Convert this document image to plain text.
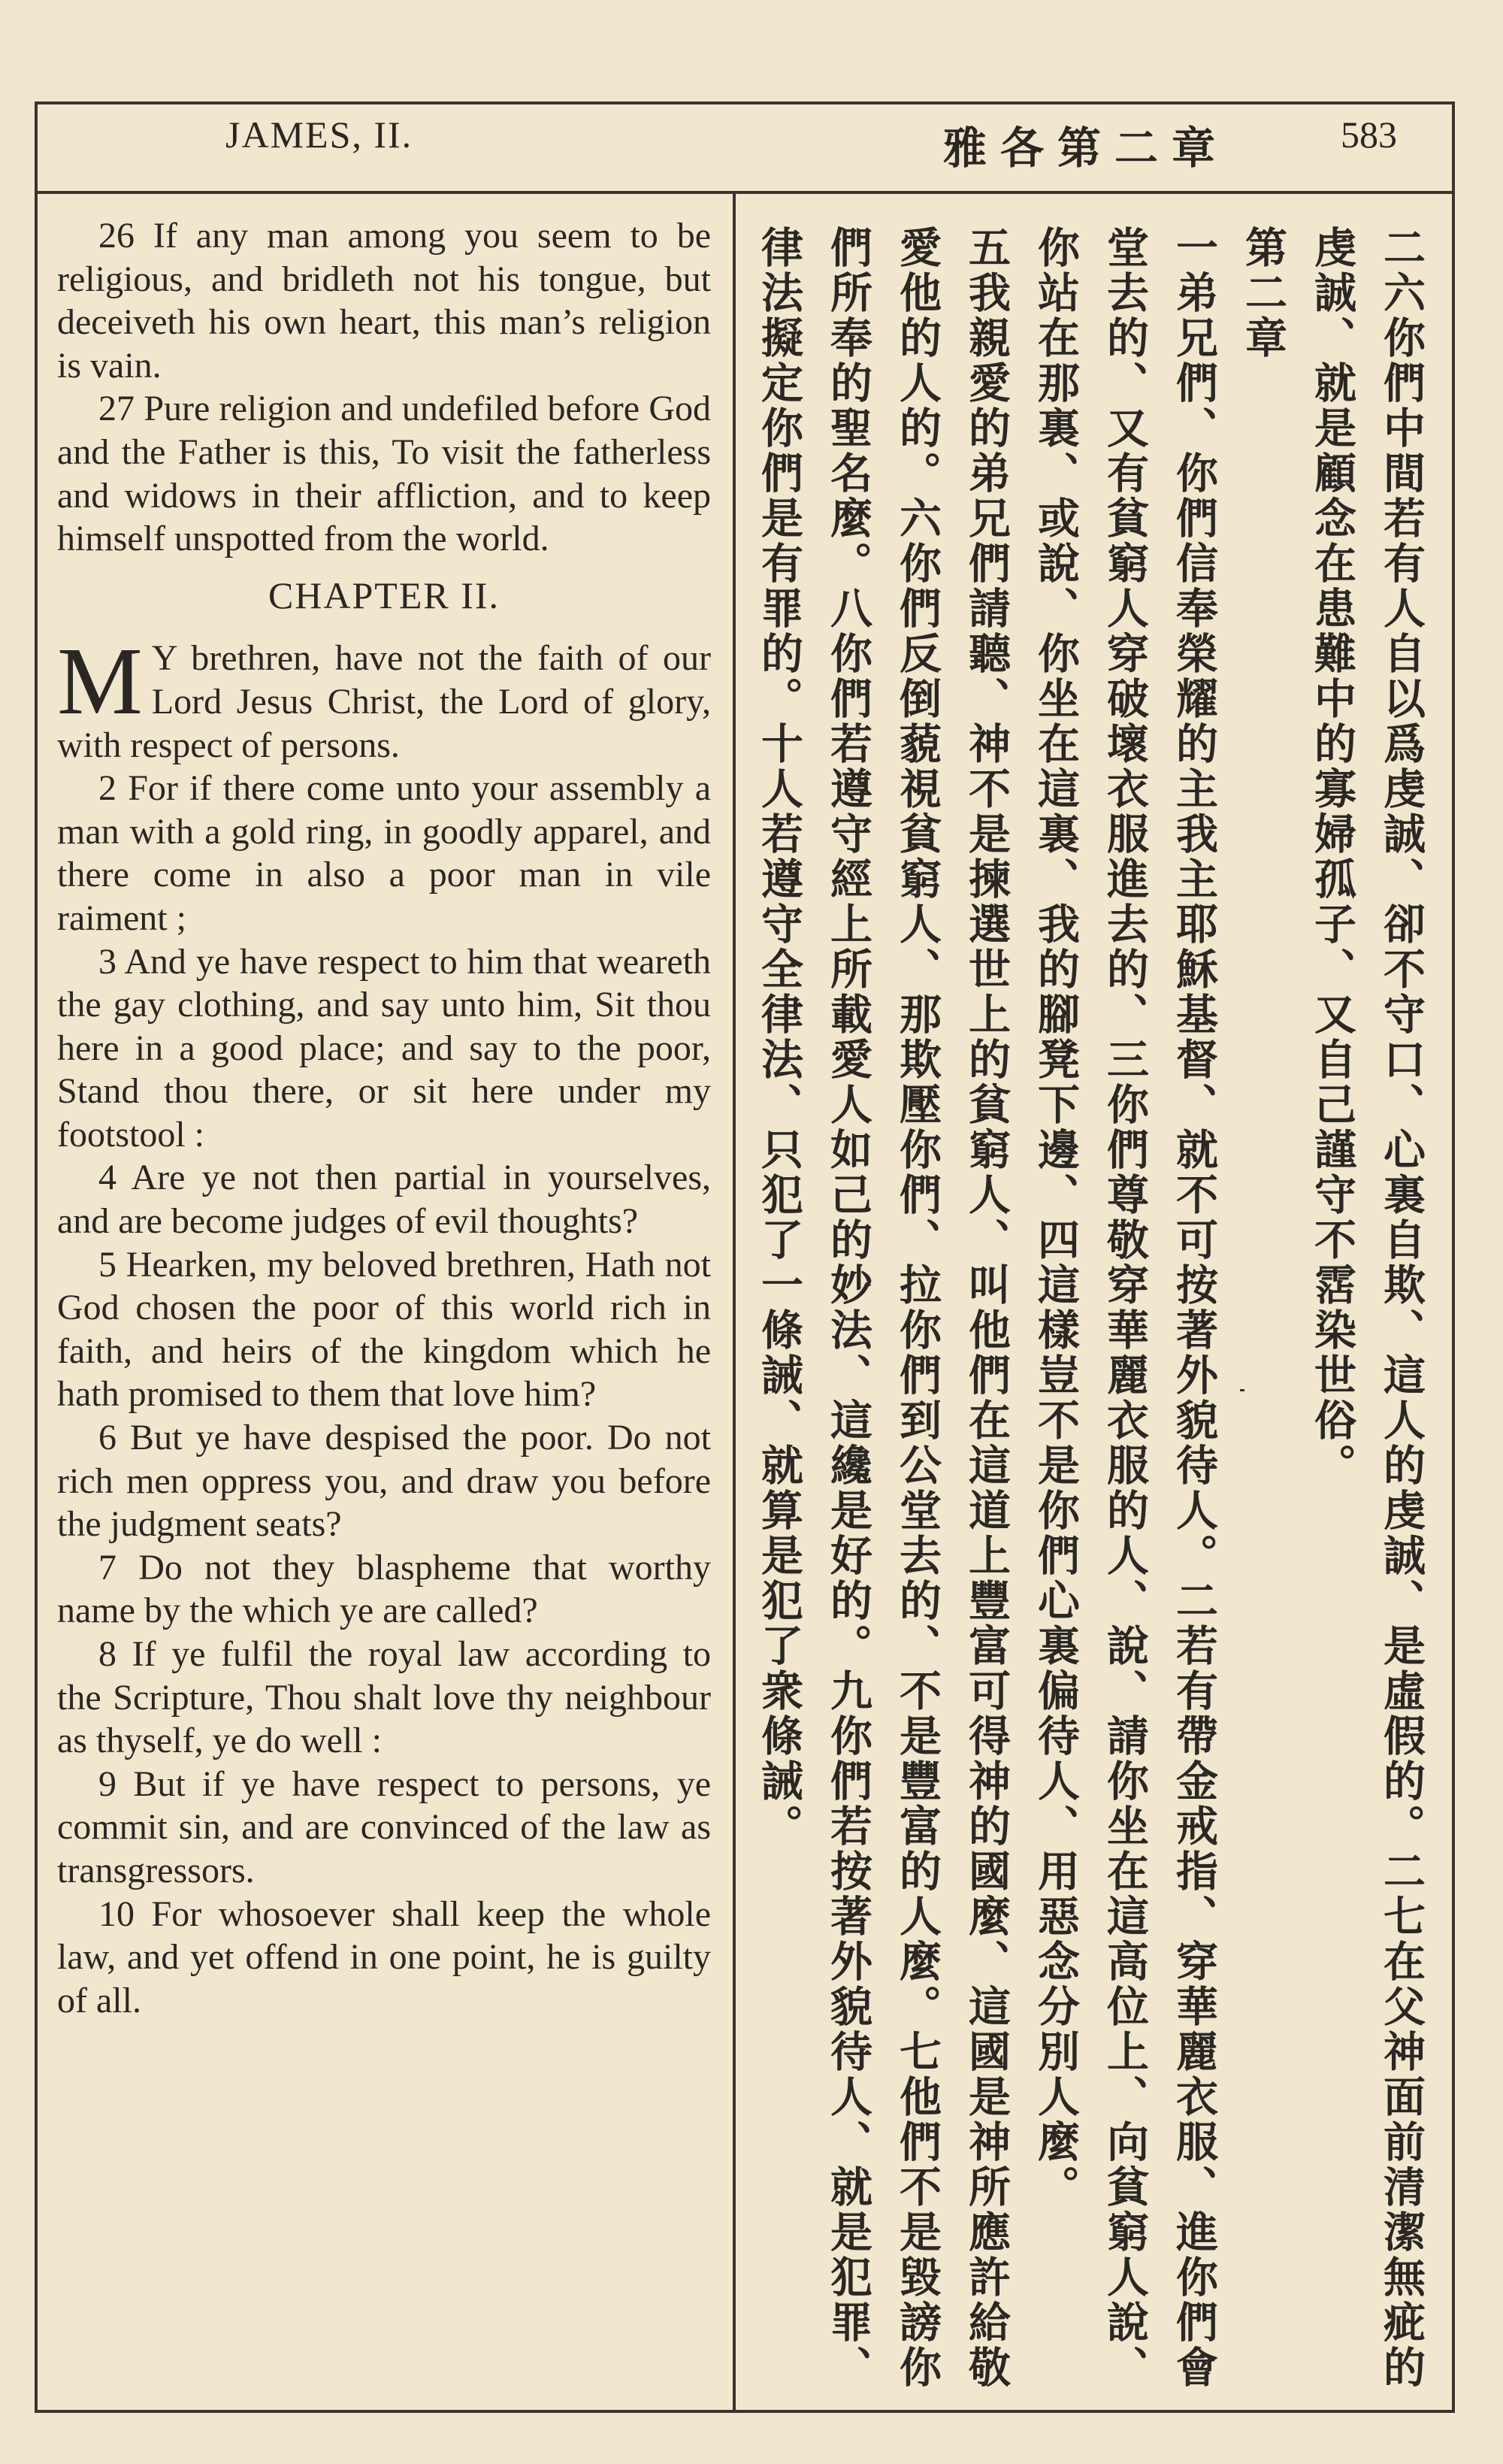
JAMES, II.	雅各第二章	583

26 If any man among you seem to be religious, and bridleth not his tongue, but deceiveth his own heart, this man’s religion is vain.

27 Pure religion and undefiled before God and the Father is this, To visit the fatherless and widows in their affliction, and to keep himself unspotted from the world.

CHAPTER II.

M Y brethren, have not the faith of our Lord Jesus Christ, the Lord of glory, with respect of persons.

2 For if there come unto your assembly a man with a gold ring, in goodly apparel, and there come in also a poor man in vile raiment ;

3 And ye have respect to him that weareth the gay clothing, and say unto him, Sit thou here in a good place; and say to the poor, Stand thou there, or sit here under my footstool :

4 Are ye not then partial in yourselves, and are become judges of evil thoughts?

5 Hearken, my beloved brethren, Hath not God chosen the poor of this world rich in faith, and heirs of the kingdom which he hath promised to them that love him?

6 But ye have despised the poor. Do not rich men oppress you, and draw you before the judgment seats?

7 Do not they blaspheme that worthy name by the which ye are called?

8 If ye fulfil the royal law according to the Scripture, Thou shalt love thy neighbour as thyself, ye do well :

9 But if ye have respect to persons, ye commit sin, and are convinced of the law as transgressors.

10 For whosoever shall keep the whole law, and yet offend in one point, he is guilty of all.	二六你們中間若有人自以爲虔誠、卻不守口、心裏自欺、這人的虔誠、是虛假的。二七在父神面前清潔無疵的虔誠、就是顧念在患難中的寡婦孤子、又自己謹守不霑染世俗。

第二章

一弟兄們、你們信奉榮耀的主我主耶穌基督、就不可按著外貌待人。二若有帶金戒指、穿華麗衣服、進你們會堂去的、又有貧窮人穿破壞衣服進去的、三你們尊敬穿華麗衣服的人、說、請你坐在這高位上、向貧窮人說、你站在那裏、或說、你坐在這裏、我的腳凳下邊、四這樣豈不是你們心裏偏待人、用惡念分別人麼。

五我親愛的弟兄們請聽、神不是揀選世上的貧窮人、叫他們在這道上豐富可得神的國麼、這國是神所應許給敬愛他的人的。六你們反倒藐視貧窮人、那欺壓你們、拉你們到公堂去的、不是豐富的人麼。七他們不是毀謗你們所奉的聖名麼。八你們若遵守經上所載愛人如己的妙法、這纔是好的。九你們若按著外貌待人、就是犯罪、律法擬定你們是有罪的。十人若遵守全律法、只犯了一條誡、就算是犯了衆條誡。
